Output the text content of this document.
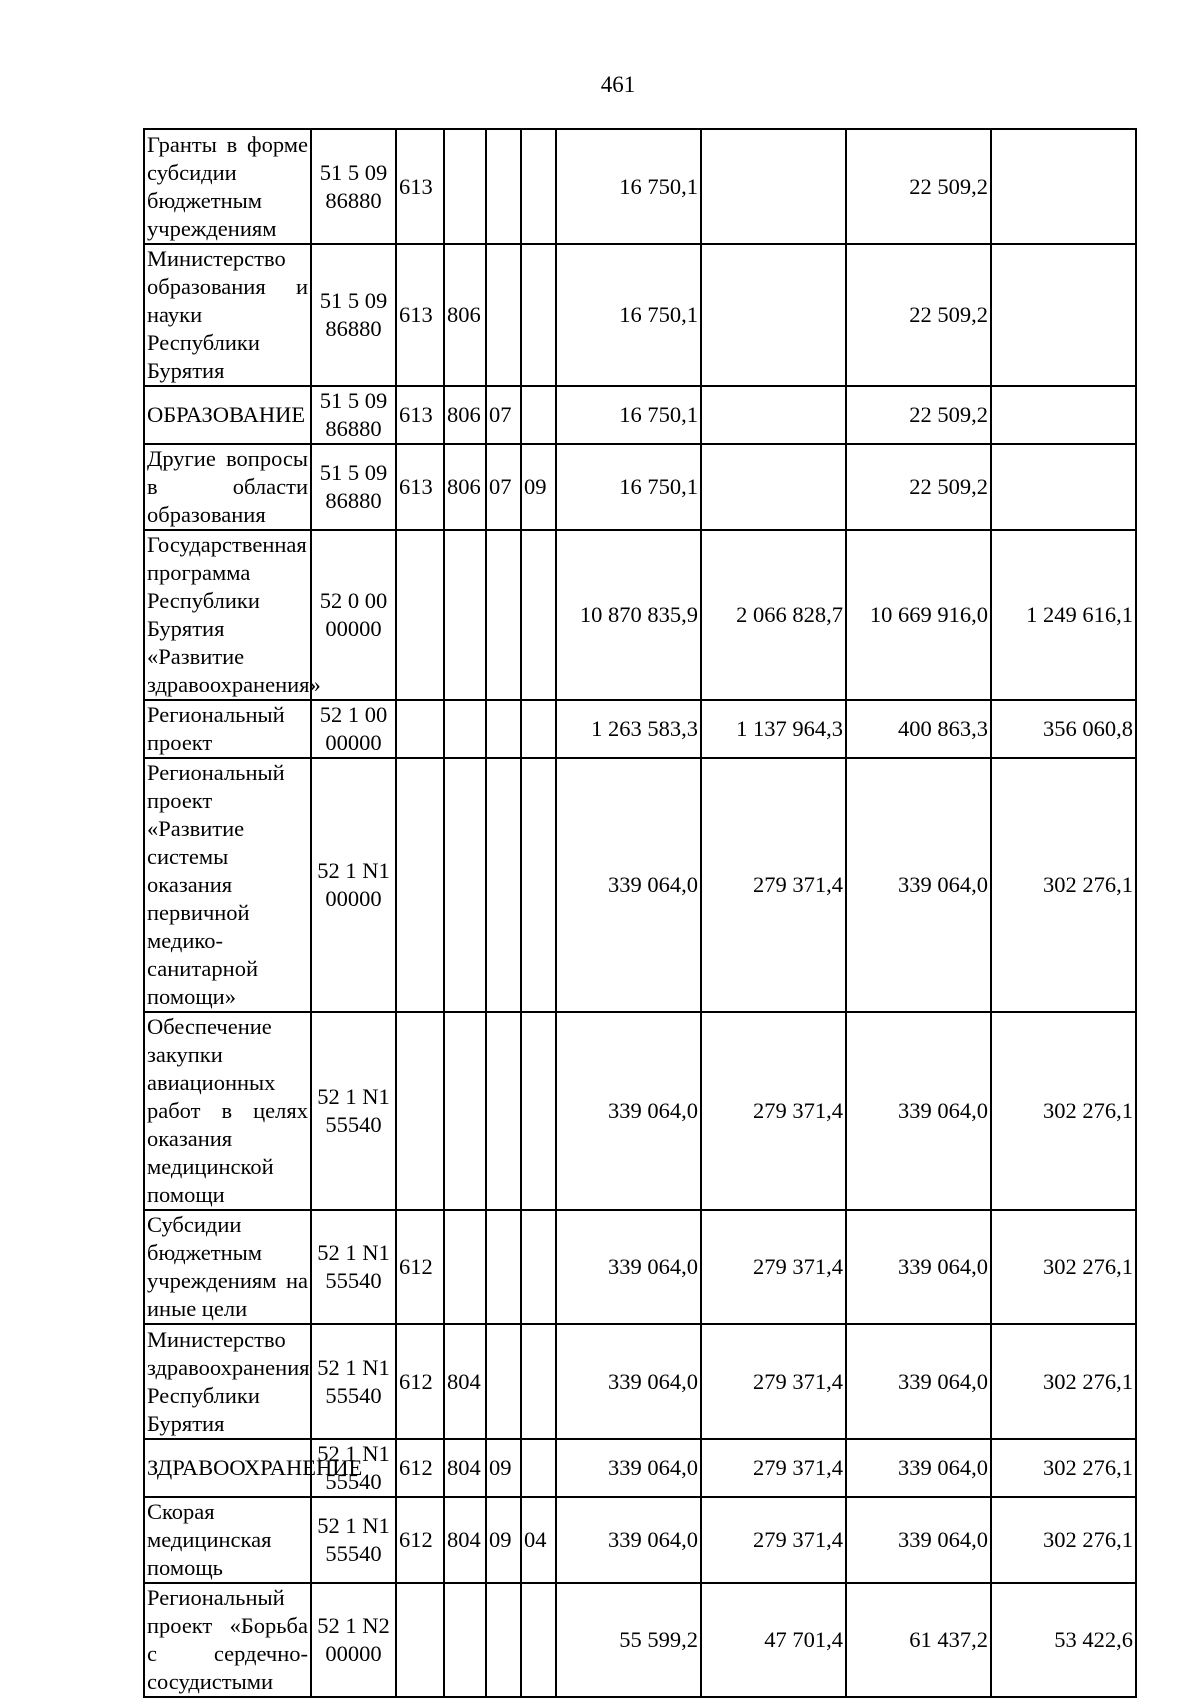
461
Гранты в форме субсидии бюджетным учреждениям	51 5 09 86880	613				16 750,1		22 509,2	
Министерство образования и науки Республики Бурятия	51 5 09 86880	613	806			16 750,1		22 509,2	
ОБРАЗОВАНИЕ	51 5 09 86880	613	806	07		16 750,1		22 509,2	
Другие вопросы в области образования	51 5 09 86880	613	806	07	09	16 750,1		22 509,2	
Государственная программа Республики Бурятия «Развитие здравоохранения»	52 0 00 00000					10 870 835,9	2 066 828,7	10 669 916,0	1 249 616,1
Региональный проект	52 1 00 00000					1 263 583,3	1 137 964,3	400 863,3	356 060,8
Региональный проект «Развитие системы оказания первичной медико-санитарной помощи»	52 1 N1 00000					339 064,0	279 371,4	339 064,0	302 276,1
Обеспечение закупки авиационных работ в целях оказания медицинской помощи	52 1 N1 55540					339 064,0	279 371,4	339 064,0	302 276,1
Субсидии бюджетным учреждениям на иные цели	52 1 N1 55540	612				339 064,0	279 371,4	339 064,0	302 276,1
Министерство здравоохранения Республики Бурятия	52 1 N1 55540	612	804			339 064,0	279 371,4	339 064,0	302 276,1
ЗДРАВООХРАНЕНИЕ	52 1 N1 55540	612	804	09		339 064,0	279 371,4	339 064,0	302 276,1
Скорая медицинская помощь	52 1 N1 55540	612	804	09	04	339 064,0	279 371,4	339 064,0	302 276,1
Региональный проект «Борьба с сердечно-сосудистыми	52 1 N2 00000					55 599,2	47 701,4	61 437,2	53 422,6
